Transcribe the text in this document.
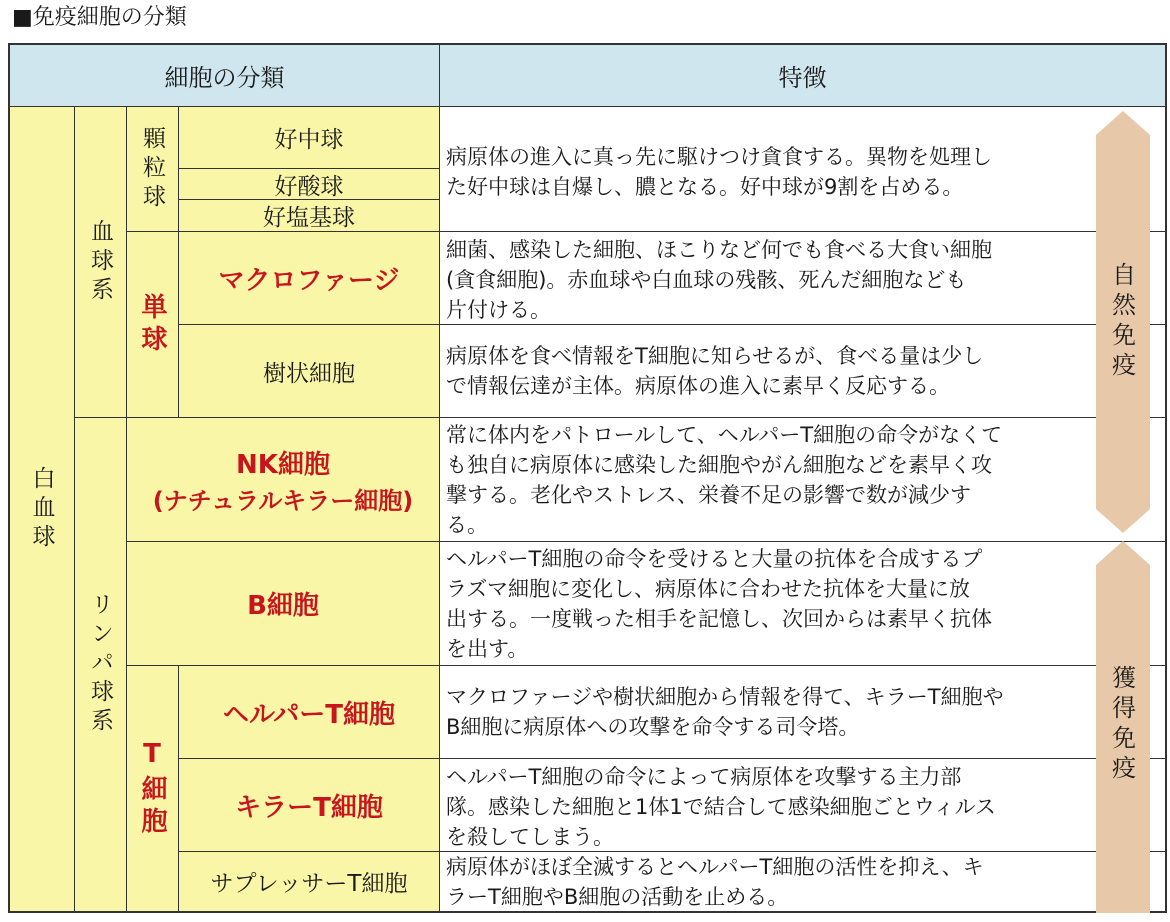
■免疫細胞の分類
細胞の分類	特徴
白血球
血球系
顆粒球	好中球
好酸球
好塩基球
単球
マクロファージ
樹状細胞
リンパ球系
NK細胞
(ナチュラルキラー細胞)
B細胞
T細胞
ヘルパーT細胞
キラーT細胞
サプレッサーT細胞
病原体の進入に真っ先に駆けつけ貪食する。異物を処理し
た好中球は自爆し、膿となる。好中球が9割を占める。
細菌、感染した細胞、ほこりなど何でも食べる大食い細胞
(貪食細胞)。赤血球や白血球の残骸、死んだ細胞なども
片付ける。
病原体を食べ情報をT細胞に知らせるが、食べる量は少し
で情報伝達が主体。病原体の進入に素早く反応する。
常に体内をパトロールして、ヘルパーT細胞の命令がなくて
も独自に病原体に感染した細胞やがん細胞などを素早く攻
撃する。老化やストレス、栄養不足の影響で数が減少す
る。
ヘルパーT細胞の命令を受けると大量の抗体を合成するプ
ラズマ細胞に変化し、病原体に合わせた抗体を大量に放
出する。一度戦った相手を記憶し、次回からは素早く抗体
を出す。
マクロファージや樹状細胞から情報を得て、キラーT細胞や
B細胞に病原体への攻撃を命令する司令塔。
ヘルパーT細胞の命令によって病原体を攻撃する主力部
隊。感染した細胞と1体1で結合して感染細胞ごとウィルス
を殺してしまう。
病原体がほぼ全滅するとヘルパーT細胞の活性を抑え、キ
ラーT細胞やB細胞の活動を止める。
自然免疫
獲得免疫
